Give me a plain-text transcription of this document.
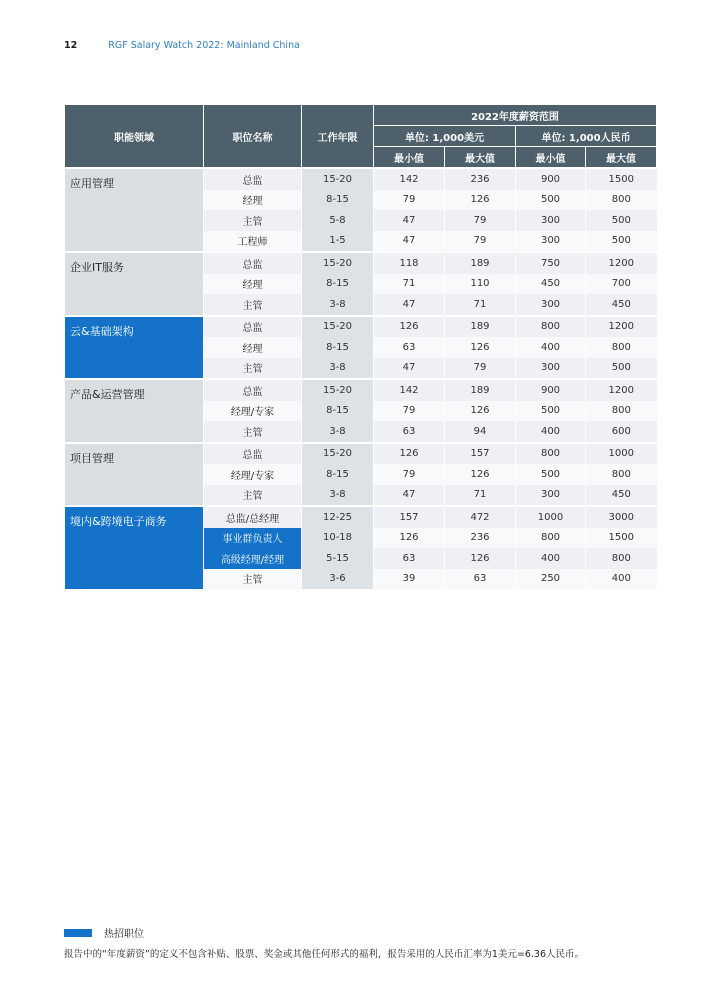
12	RGF Salary Watch 2022: Mainland China
职能领域	职位名称	工作年限	2022年度薪资范围			
			单位: 1,000美元		单位: 1,000人民币	
			最小值	最大值	最小值	最大值
应用管理	总监	15-20	142	236	900	1500
	经理	8-15	79	126	500	800
	主管	5-8	47	79	300	500
	工程师	1-5	47	79	300	500
企业IT服务	总监	15-20	118	189	750	1200
	经理	8-15	71	110	450	700
	主管	3-8	47	71	300	450
云&基础架构	总监	15-20	126	189	800	1200
	经理	8-15	63	126	400	800
	主管	3-8	47	79	300	500
产品&运营管理	总监	15-20	142	189	900	1200
	经理/专家	8-15	79	126	500	800
	主管	3-8	63	94	400	600
项目管理	总监	15-20	126	157	800	1000
	经理/专家	8-15	79	126	500	800
	主管	3-8	47	71	300	450
境内&跨境电子商务	总监/总经理	12-25	157	472	1000	3000
	事业群负责人	10-18	126	236	800	1500
	高级经理/经理	5-15	63	126	400	800
	主管	3-6	39	63	250	400
热招职位
报告中的“年度薪资”的定义不包含补贴、股票、奖金或其他任何形式的福利，报告采用的人民币汇率为1美元=6.36人民币。
